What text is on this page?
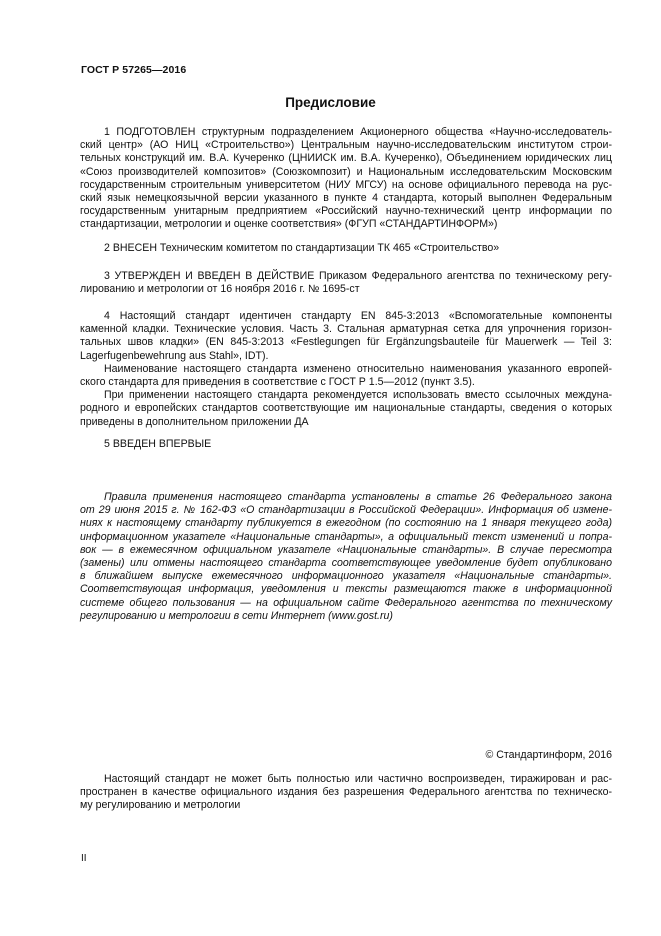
ГОСТ Р 57265—2016
Предисловие
1 ПОДГОТОВЛЕН структурным подразделением Акционерного общества «Научно-исследователь-
ский центр» (АО НИЦ «Строительство») Центральным научно-исследовательским институтом строи-
тельных конструкций им. В.А. Кучеренко (ЦНИИСК им. В.А. Кучеренко), Объединением юридических лиц
«Союз производителей композитов» (Союзкомпозит) и Национальным исследовательским Московским
государственным строительным университетом (НИУ МГСУ) на основе официального перевода на рус-
ский язык немецкоязычной версии указанного в пункте 4 стандарта, который выполнен Федеральным
государственным унитарным предприятием «Российский научно-технический центр информации по
стандартизации, метрологии и оценке соответствия» (ФГУП «СТАНДАРТИНФОРМ»)
2 ВНЕСЕН Техническим комитетом по стандартизации ТК 465 «Строительство»
3 УТВЕРЖДЕН И ВВЕДЕН В ДЕЙСТВИЕ Приказом Федерального агентства по техническому регу-
лированию и метрологии от 16 ноября 2016 г. № 1695-ст
4 Настоящий стандарт идентичен стандарту EN 845-3:2013 «Вспомогательные компоненты
каменной кладки. Технические условия. Часть 3. Стальная арматурная сетка для упрочнения горизон-
тальных швов кладки» (EN 845-3:2013 «Festlegungen für Ergänzungsbauteile für Mauerwerk — Teil 3:
Lagerfugenbewehrung aus Stahl», IDT).
Наименование настоящего стандарта изменено относительно наименования указанного европей-
ского стандарта для приведения в соответствие с ГОСТ Р 1.5—2012 (пункт 3.5).
При применении настоящего стандарта рекомендуется использовать вместо ссылочных междуна-
родного и европейских стандартов соответствующие им национальные стандарты, сведения о которых
приведены в дополнительном приложении ДА
5 ВВЕДЕН ВПЕРВЫЕ
Правила применения настоящего стандарта установлены в статье 26 Федерального закона
от 29 июня 2015 г. № 162-ФЗ «О стандартизации в Российской Федерации». Информация об измене-
ниях к настоящему стандарту публикуется в ежегодном (по состоянию на 1 января текущего года)
информационном указателе «Национальные стандарты», а официальный текст изменений и попра-
вок — в ежемесячном официальном указателе «Национальные стандарты». В случае пересмотра
(замены) или отмены настоящего стандарта соответствующее уведомление будет опубликовано
в ближайшем выпуске ежемесячного информационного указателя «Национальные стандарты».
Соответствующая информация, уведомления и тексты размещаются также в информационной
системе общего пользования — на официальном сайте Федерального агентства по техническому
регулированию и метрологии в сети Интернет (www.gost.ru)
© Стандартинформ, 2016
Настоящий стандарт не может быть полностью или частично воспроизведен, тиражирован и рас-
пространен в качестве официального издания без разрешения Федерального агентства по техническо-
му регулированию и метрологии
II
